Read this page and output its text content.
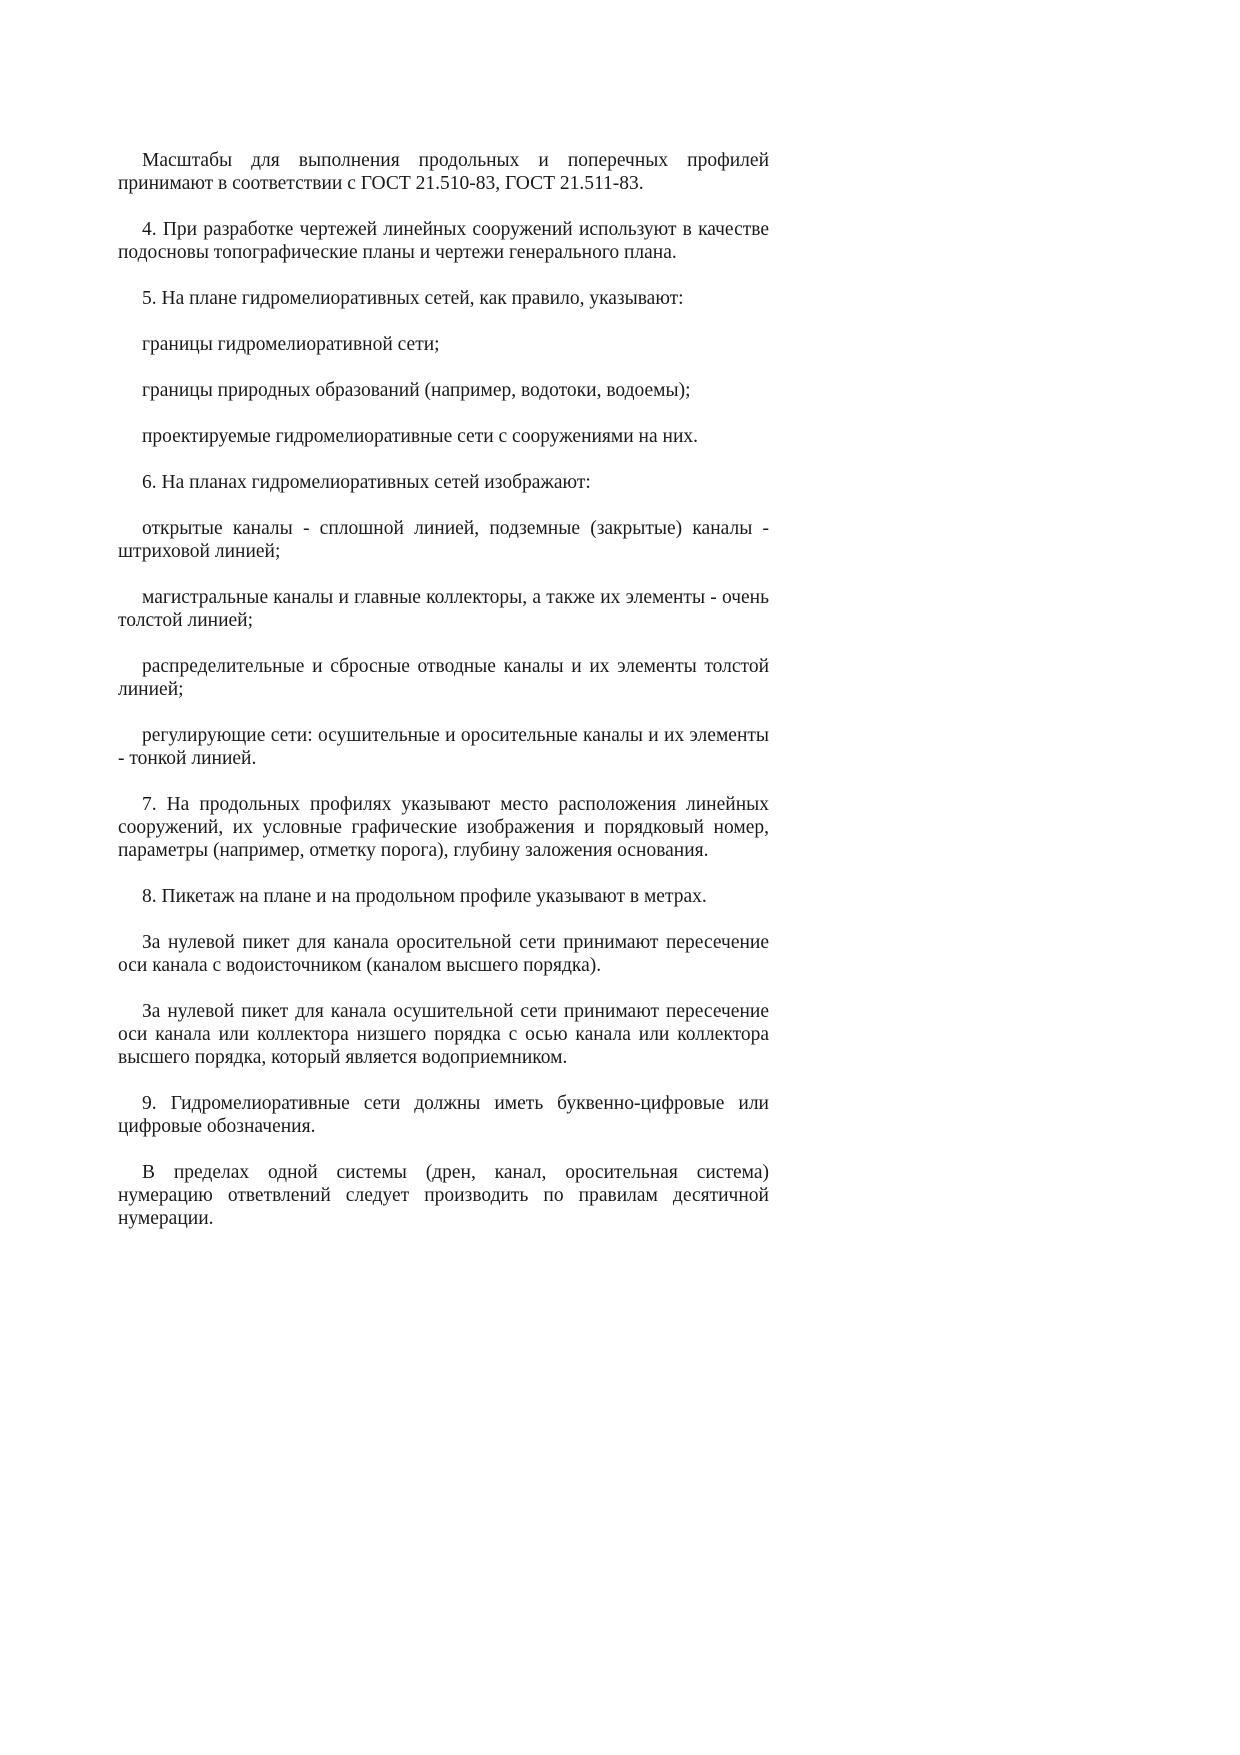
Масштабы для выполнения продольных и поперечных профилей принимают в соответствии с ГОСТ 21.510-83, ГОСТ 21.511-83.

4. При разработке чертежей линейных сооружений используют в качестве подосновы топографические планы и чертежи генерального плана.

5. На плане гидромелиоративных сетей, как правило, указывают:

границы гидромелиоративной сети;

границы природных образований (например, водотоки, водоемы);

проектируемые гидромелиоративные сети с сооружениями на них.

6. На планах гидромелиоративных сетей изображают:

открытые каналы - сплошной линией, подземные (закрытые) каналы - штриховой линией;

магистральные каналы и главные коллекторы, а также их элементы - очень толстой линией;

распределительные и сбросные отводные каналы и их элементы толстой линией;

регулирующие сети: осушительные и оросительные каналы и их элементы - тонкой линией.

7. На продольных профилях указывают место расположения линейных сооружений, их условные графические изображения и порядковый номер, параметры (например, отметку порога), глубину заложения основания.

8. Пикетаж на плане и на продольном профиле указывают в метрах.

За нулевой пикет для канала оросительной сети принимают пересечение оси канала с водоисточником (каналом высшего порядка).

За нулевой пикет для канала осушительной сети принимают пересечение оси канала или коллектора низшего порядка с осью канала или коллектора высшего порядка, который является водоприемником.

9. Гидромелиоративные сети должны иметь буквенно-цифровые или цифровые обозначения.

В пределах одной системы (дрен, канал, оросительная система) нумерацию ответвлений следует производить по правилам десятичной нумерации.
